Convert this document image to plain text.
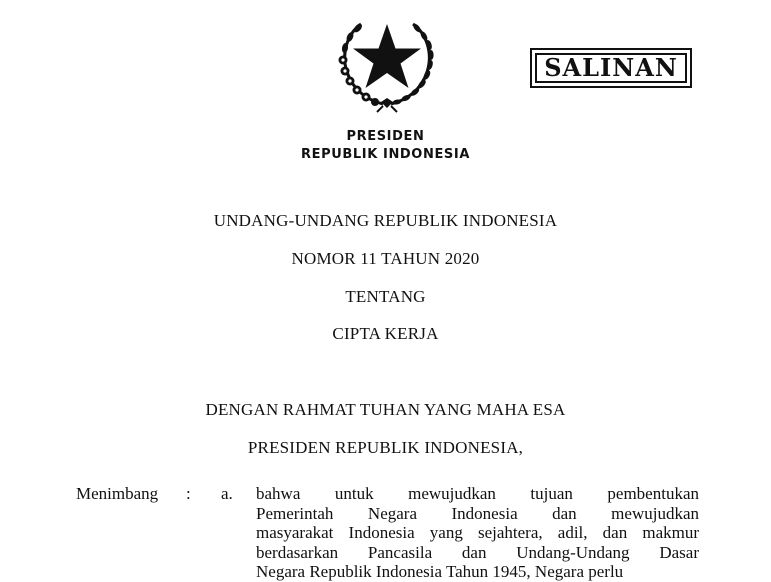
SALINAN
PRESIDEN
REPUBLIK INDONESIA
UNDANG-UNDANG REPUBLIK INDONESIA
NOMOR 11 TAHUN 2020
TENTANG
CIPTA KERJA
DENGAN RAHMAT TUHAN YANG MAHA ESA
PRESIDEN REPUBLIK INDONESIA,
Menimbang : a. bahwa untuk mewujudkan tujuan pembentukan
Pemerintah Negara Indonesia dan mewujudkan
masyarakat Indonesia yang sejahtera, adil, dan makmur
berdasarkan Pancasila dan Undang-Undang Dasar
Negara Republik Indonesia Tahun 1945, Negara perlu
